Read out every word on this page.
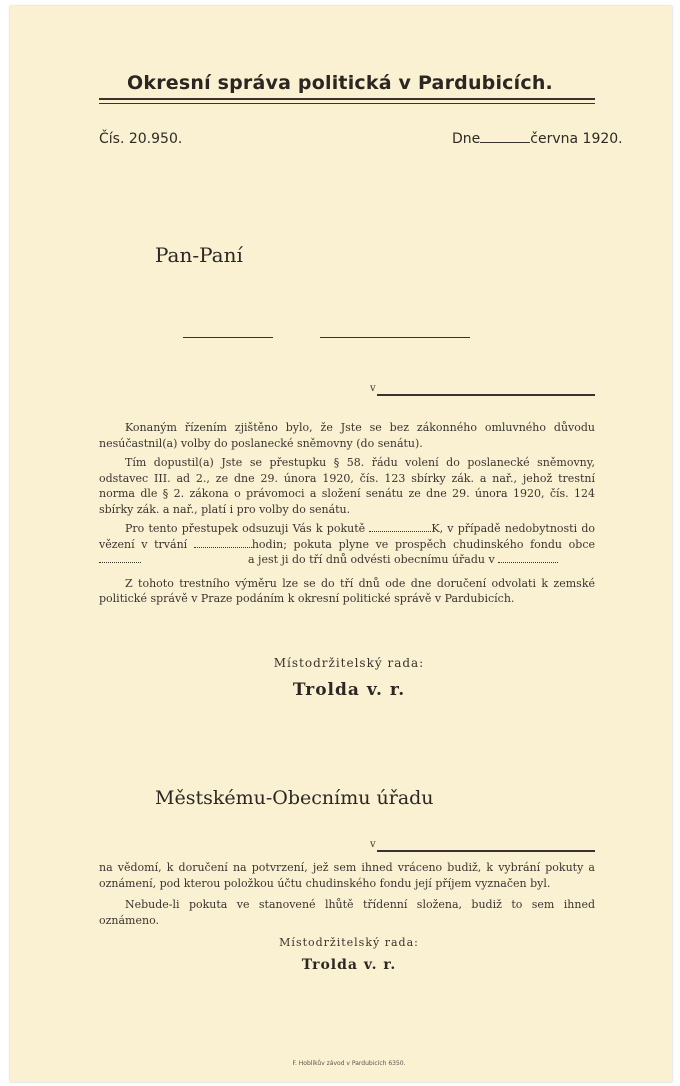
Okresní správa politická v Pardubicích.
Čís. 20.950.	Dne	června 1920.
Pan-Paní
v

Konaným řízením zjištěno bylo, že Jste se bez zákonného omluvného důvodu nesúčastnil(a) volby do poslanecké sněmovny (do senátu).

Tím dopustil(a) Jste se přestupku § 58. řádu volení do poslanecké sněmovny, odstavec III. ad 2., ze dne 29. února 1920, čís. 123 sbírky zák. a nař., jehož trestní norma dle § 2. zákona o právomoci a složení senátu ze dne 29. února 1920, čís. 124 sbírky zák. a nař., platí i pro volby do senátu.

Pro tento přestupek odsuzuji Vás k pokutě	K, v případě nedobytnosti do vězení v trvání	hodin; pokuta plyne ve prospěch chudinského fondu obce   a jest ji do tří dnů odvésti obecnímu úřadu v

Z tohoto trestního výměru lze se do tří dnů ode dne doručení odvolati k zemské politické správě v Praze podáním k okresní politické správě v Pardubicích.

Místodržitelský rada:
Trolda v. r.
Městskému-Obecnímu úřadu
v

na vědomí, k doručení na potvrzení, jež sem ihned vráceno budiž, k vybrání pokuty a oznámení, pod kterou položkou účtu chudinského fondu její příjem vyznačen byl.

Nebude-li pokuta ve stanovené lhůtě třídenní složena, budiž to sem ihned oznámeno.

Místodržitelský rada:
Trolda v. r.
F. Hoblíkův závod v Pardubicích 6350.
